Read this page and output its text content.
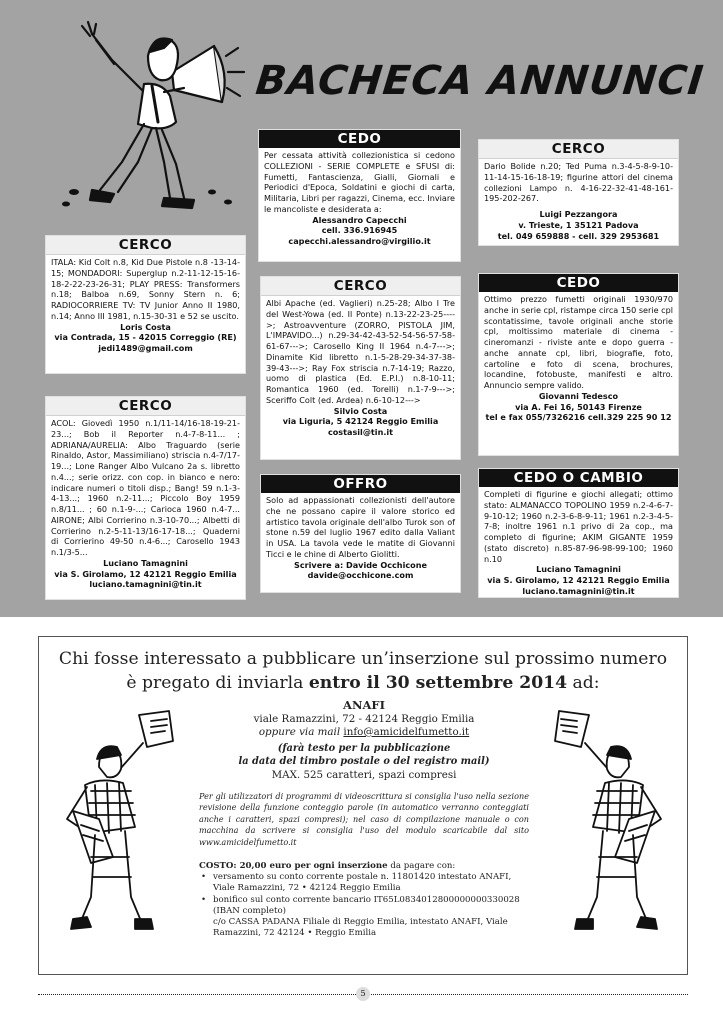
BACHECA ANNUNCI
CEDO
Per cessata attività collezionistica si cedono COLLEZIONI - SERIE COMPLETE e SFUSI di: Fumetti, Fantascienza, Gialli, Giornali e Periodici d'Epoca, Soldatini e giochi di carta, Militaria, Libri per ragazzi, Cinema, ecc. Inviare le mancoliste e desiderata a:
Alessandro Capecchi
cell. 336.916945
capecchi.alessandro@virgilio.it
CERCO
Dario Bolide n.20; Ted Puma n.3-4-5-8-9-10-11-14-15-16-18-19; figurine attori del cinema collezioni Lampo n. 4-16-22-32-41-48-161-195-202-267.
Luigi Pezzangora
v. Trieste, 1 35121 Padova
tel. 049 659888 - cell. 329 2953681
CERCO
ITALA: Kid Colt n.8, Kid Due Pistole n.8 -13-14-15; MONDADORI: Superglup n.2-11-12-15-16-18-2-22-23-26-31; PLAY PRESS: Transformers n.18; Balboa n.69, Sonny Stern n. 6; RADIOCORRIERE TV: TV Junior Anno II 1980, n.14; Anno III 1981, n.15-30-31 e 52 se uscito.
Loris Costa
via Contrada, 15 - 42015 Correggio (RE)
jedi1489@gmail.com
CERCO
Albi Apache (ed. Vaglieri) n.25-28; Albo I Tre del West-Yowa (ed. Il Ponte) n.13-22-23-25---->; Astroavventure (ZORRO, PISTOLA JIM, L'IMPAVIDO...) n.29-34-42-43-52-54-56-57-58-61-67--->; Carosello King II 1964 n.4-7--->; Dinamite Kid libretto n.1-5-28-29-34-37-38-39-43--->; Ray Fox striscia n.7-14-19; Razzo, uomo di plastica (Ed. E.P.I.) n.8-10-11; Romantica 1960 (ed. Torelli) n.1-7-9--->; Sceriffo Colt (ed. Ardea) n.6-10-12--->
Silvio Costa
via Liguria, 5 42124 Reggio Emilia
costasil@tin.it
CEDO
Ottimo prezzo fumetti originali 1930/970 anche in serie cpl, ristampe circa 150 serie cpl scontatissime, tavole originali anche storie cpl, moltissimo materiale di cinema - cineromanzi - riviste ante e dopo guerra - anche annate cpl, libri, biografie, foto, cartoline e foto di scena, brochures, locandine, fotobuste, manifesti e altro. Annuncio sempre valido.
Giovanni Tedesco
via A. Fei 16, 50143 Firenze
tel e fax 055/7326216 cell.329 225 90 12
CERCO
ACOL: Giovedì 1950 n.1/11-14/16-18-19-21-23...; Bob il Reporter n.4-7-8-11... ; ADRIANA/AURELIA: Albo Traguardo (serie Rinaldo, Astor, Massimiliano) striscia n.4-7/17-19...; Lone Ranger Albo Vulcano 2a s. libretto n.4...; serie orizz. con cop. in bianco e nero: indicare numeri o titoli disp.; Bang! 59 n.1-3-4-13...; 1960 n.2-11...; Piccolo Boy 1959 n.8/11... ; 60 n.1-9-...; Carioca 1960 n.4-7... AIRONE; Albi Corrierino n.3-10-70...; Albetti di Corrierino n.2-5-11-13/16-17-18...; Quaderni di Corrierino 49-50 n.4-6...; Carosello 1943 n.1/3-5...
Luciano Tamagnini
via S. Girolamo, 12 42121 Reggio Emilia
luciano.tamagnini@tin.it
OFFRO
Solo ad appassionati collezionisti dell'autore che ne possano capire il valore storico ed artistico tavola originale dell'albo Turok son of stone n.59 del luglio 1967 edito dalla Valiant in USA. La tavola vede le matite di Giovanni Ticci e le chine di Alberto Giolitti.
Scrivere a: Davide Occhicone
davide@occhicone.com
CEDO O CAMBIO
Completi di figurine e giochi allegati; ottimo stato: ALMANACCO TOPOLINO 1959 n.2-4-6-7-9-10-12; 1960 n.2-3-6-8-9-11; 1961 n.2-3-4-5-7-8; inoltre 1961 n.1 privo di 2a cop., ma completo di figurine; AKIM GIGANTE 1959 (stato discreto) n.85-87-96-98-99-100; 1960 n.10
Luciano Tamagnini
via S. Girolamo, 12 42121 Reggio Emilia
luciano.tamagnini@tin.it
Chi fosse interessato a pubblicare un’inserzione sul prossimo numero
è pregato di inviarla entro il 30 settembre 2014 ad:
ANAFI
viale Ramazzini, 72 - 42124 Reggio Emilia
oppure via mail info@amicidelfumetto.it
(farà testo per la pubblicazione
la data del timbro postale o del registro mail)
MAX. 525 caratteri, spazi compresi
Per gli utilizzatori di programmi di videoscrittura si consiglia l'uso nella sezione revisione della funzione conteggio parole (in automatico verranno conteggiati anche i caratteri, spazi compresi); nel caso di compilazione manuale o con macchina da scrivere si consiglia l'uso del modulo scaricabile dal sito www.amicidelfumetto.it
COSTO: 20,00 euro per ogni inserzione da pagare con:
• versamento su conto corrente postale n. 11801420 intestato ANAFI,
Viale Ramazzini, 72 • 42124 Reggio Emilia
• bonifico sul conto corrente bancario IT65L0834012800000000330028
(IBAN completo)
c/o CASSA PADANA Filiale di Reggio Emilia, intestato ANAFI, Viale
Ramazzini, 72 42124 • Reggio Emilia
5
